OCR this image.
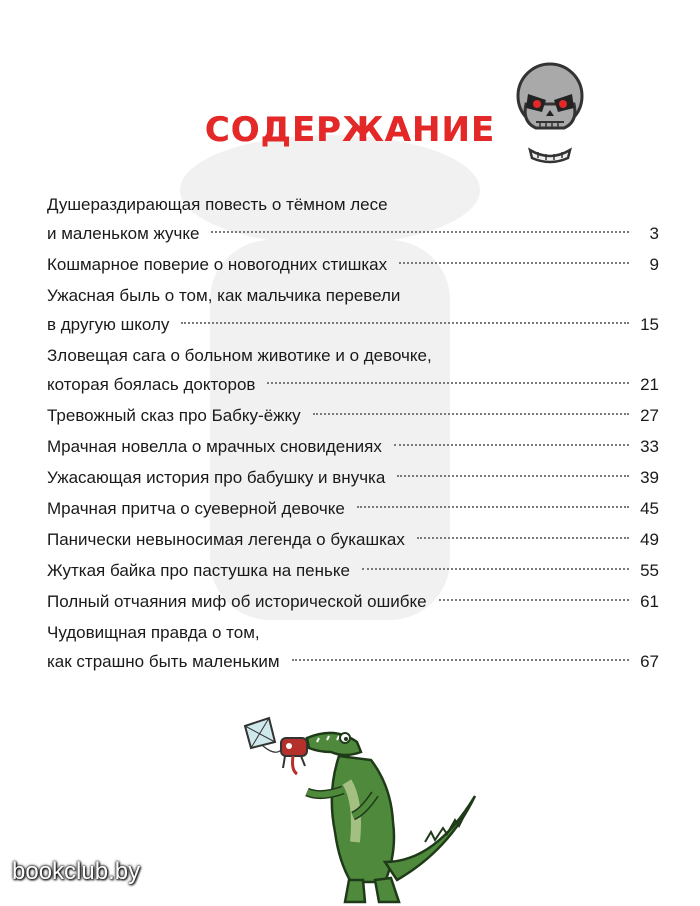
СОДЕРЖАНИЕ
Душераздирающая повесть о тёмном лесе
и маленьком жучке	3
Кошмарное поверие о новогодних стишках	9
Ужасная быль о том, как мальчика перевели
в другую школу	15
Зловещая сага о больном животике и о девочке,
которая боялась докторов	21
Тревожный сказ про Бабку-ёжку	27
Мрачная новелла о мрачных сновидениях	33
Ужасающая история про бабушку и внучка	39
Мрачная притча о суеверной девочке	45
Панически невыносимая легенда о букашках	49
Жуткая байка про пастушка на пеньке	55
Полный отчаяния миф об исторической ошибке	61
Чудовищная правда о том,
как страшно быть маленьким	67
bookclub.by
